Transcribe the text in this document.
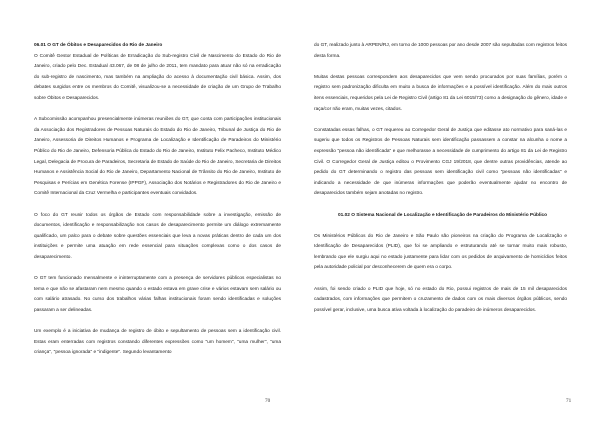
06.01 O GT de Óbitos e Desaparecidos do Rio de Janeiro

O Comitê Gestor Estadual de Políticas de Erradicação do Sub-registro Civil de Nascimento do Estado do Rio de Janeiro, criado pelo Dec. Estadual 43.067, de 08 de julho de 2011, tem mandato para atuar não só na erradicação do sub-registro de nascimento, mas também na ampliação do acesso à documentação civil básica. Assim, dos debates surgidos entre os membros do Comitê, visualizou-se a necessidade de criação de um Grupo de Trabalho sobre Óbitos e Desaparecidos.

A Subcomissão acompanhou presencialmente inúmeras reuniões do GT, que conta com participações institucionais da Associação dos Registradores de Pessoas Naturais do Estado do Rio de Janeiro, Tribunal de Justiça do Rio de Janeiro, Assessoria de Direitos Humanos e Programa de Localização e Identificação de Paradeiros do Ministério Público do Rio de Janeiro, Defensoria Pública do Estado do Rio de Janeiro, Instituto Felix Pacheco, Instituto Médico Legal, Delegacia de Procura de Paradeiros, Secretaria de Estado de Saúde do Rio de Janeiro, Secretaria de Direitos Humanos e Assistência Social do Rio de Janeiro, Departamento Nacional de Trânsito do Rio de Janeiro, Instituto de Pesquisas e Perícias em Genética Forense (IPPGF), Associação dos Notários e Registradores do Rio de Janeiro e Comitê Internacional da Cruz Vermelha e participantes eventuais convidados.

O foco do GT reunir todos os órgãos de Estado com responsabilidade sobre a investigação, emissão de documentos, identificação e responsabilização nos casos de desaparecimento permite um diálogo extremamente qualificado, um palco para o debate sobre questões essenciais que leva a novas práticas dentro de cada um dos instituições e permite uma atuação em rede essencial para situações complexas como o dos casos de desaparecimento.

O GT tem funcionado mensalmente e ininterruptamente com a presença de servidores públicos especialistas no tema e que não se afastaram nem mesmo quando o estado estava em grave crise e vários estavam sem salário ou com salário atrasado. No curso dos trabalhos várias falhas institucionais foram sendo identificadas e soluções passaram a ser delineadas.

Um exemplo é a iniciativa de mudança de registro de óbito e sepultamento de pessoas sem a identificação civil. Estas eram enterradas com registros constando diferentes expressões como "um homem", "uma mulher", "uma criança", "pessoa ignorada" e "indigente". Segundo levantamento

70

do GT, realizado junto à ARPEN/RJ, em torno de 1000 pessoas por ano desde 2007 são sepultadas com registros feitos desta forma.

Muitas destas pessoas correspondem aos desaparecidos que vem sendo procurados por suas famílias, porém o registro sem padronização dificulta em muito a busca de informações e a possível identificação. Além do mais outros itens essenciais, requeridos pela Lei de Registro Civil (artigo 81 da Lei 6015/73) como a designação do gênero, idade e raça/cor não eram, muitas vezes, citados.

Constatadas essas falhas, o GT requereu ao Corregedor Geral de Justiça que editasse ato normativo para saná-las e sugeriu que todos os Registros de Pessoas Naturais sem identificação passassem a constar na alcunha o nome a expressão "pessoa não identificada" e que melhorasse a necessidade de cumprimento do artigo 81 da Lei de Registro Civil. O Corregedor Geral de Justiça editou o Provimento CGJ 19/2018, que dentre outras providências, atende ao pedido do GT determinando o registro das pessoas sem identificação civil como "pessoas não identificadas" e indicando a necessidade de que inúmeras informações que poderão eventualmente ajudar no encontro de desaparecidos também sejam anotadas no registro.

01.02 O Sistema Nacional de Localização e Identificação de Paradeiros do Ministério Público

Os Ministérios Públicos do Rio de Janeiro e São Paulo são pioneiros na criação do Programa de Localização e Identificação de Desaparecidos (PLID), que foi se ampliando e estruturando até se tornar muito mais robusto, lembrando que ele surgiu aqui no estado justamente para lidar com os pedidos de arquivamento de homicídios feitos pela autoridade policial por desconhecerem de quem era o corpo.

Assim, foi sendo criado o PLID que hoje, só no estado do Rio, possui registros de mais de 15 mil desaparecidos cadastrados, com informações que permitem o cruzamento de dados com os mais diversos órgãos públicos, sendo possível gerar, inclusive, uma busca ativa voltada à localização do paradeiro de inúmeros desaparecidos.

71
